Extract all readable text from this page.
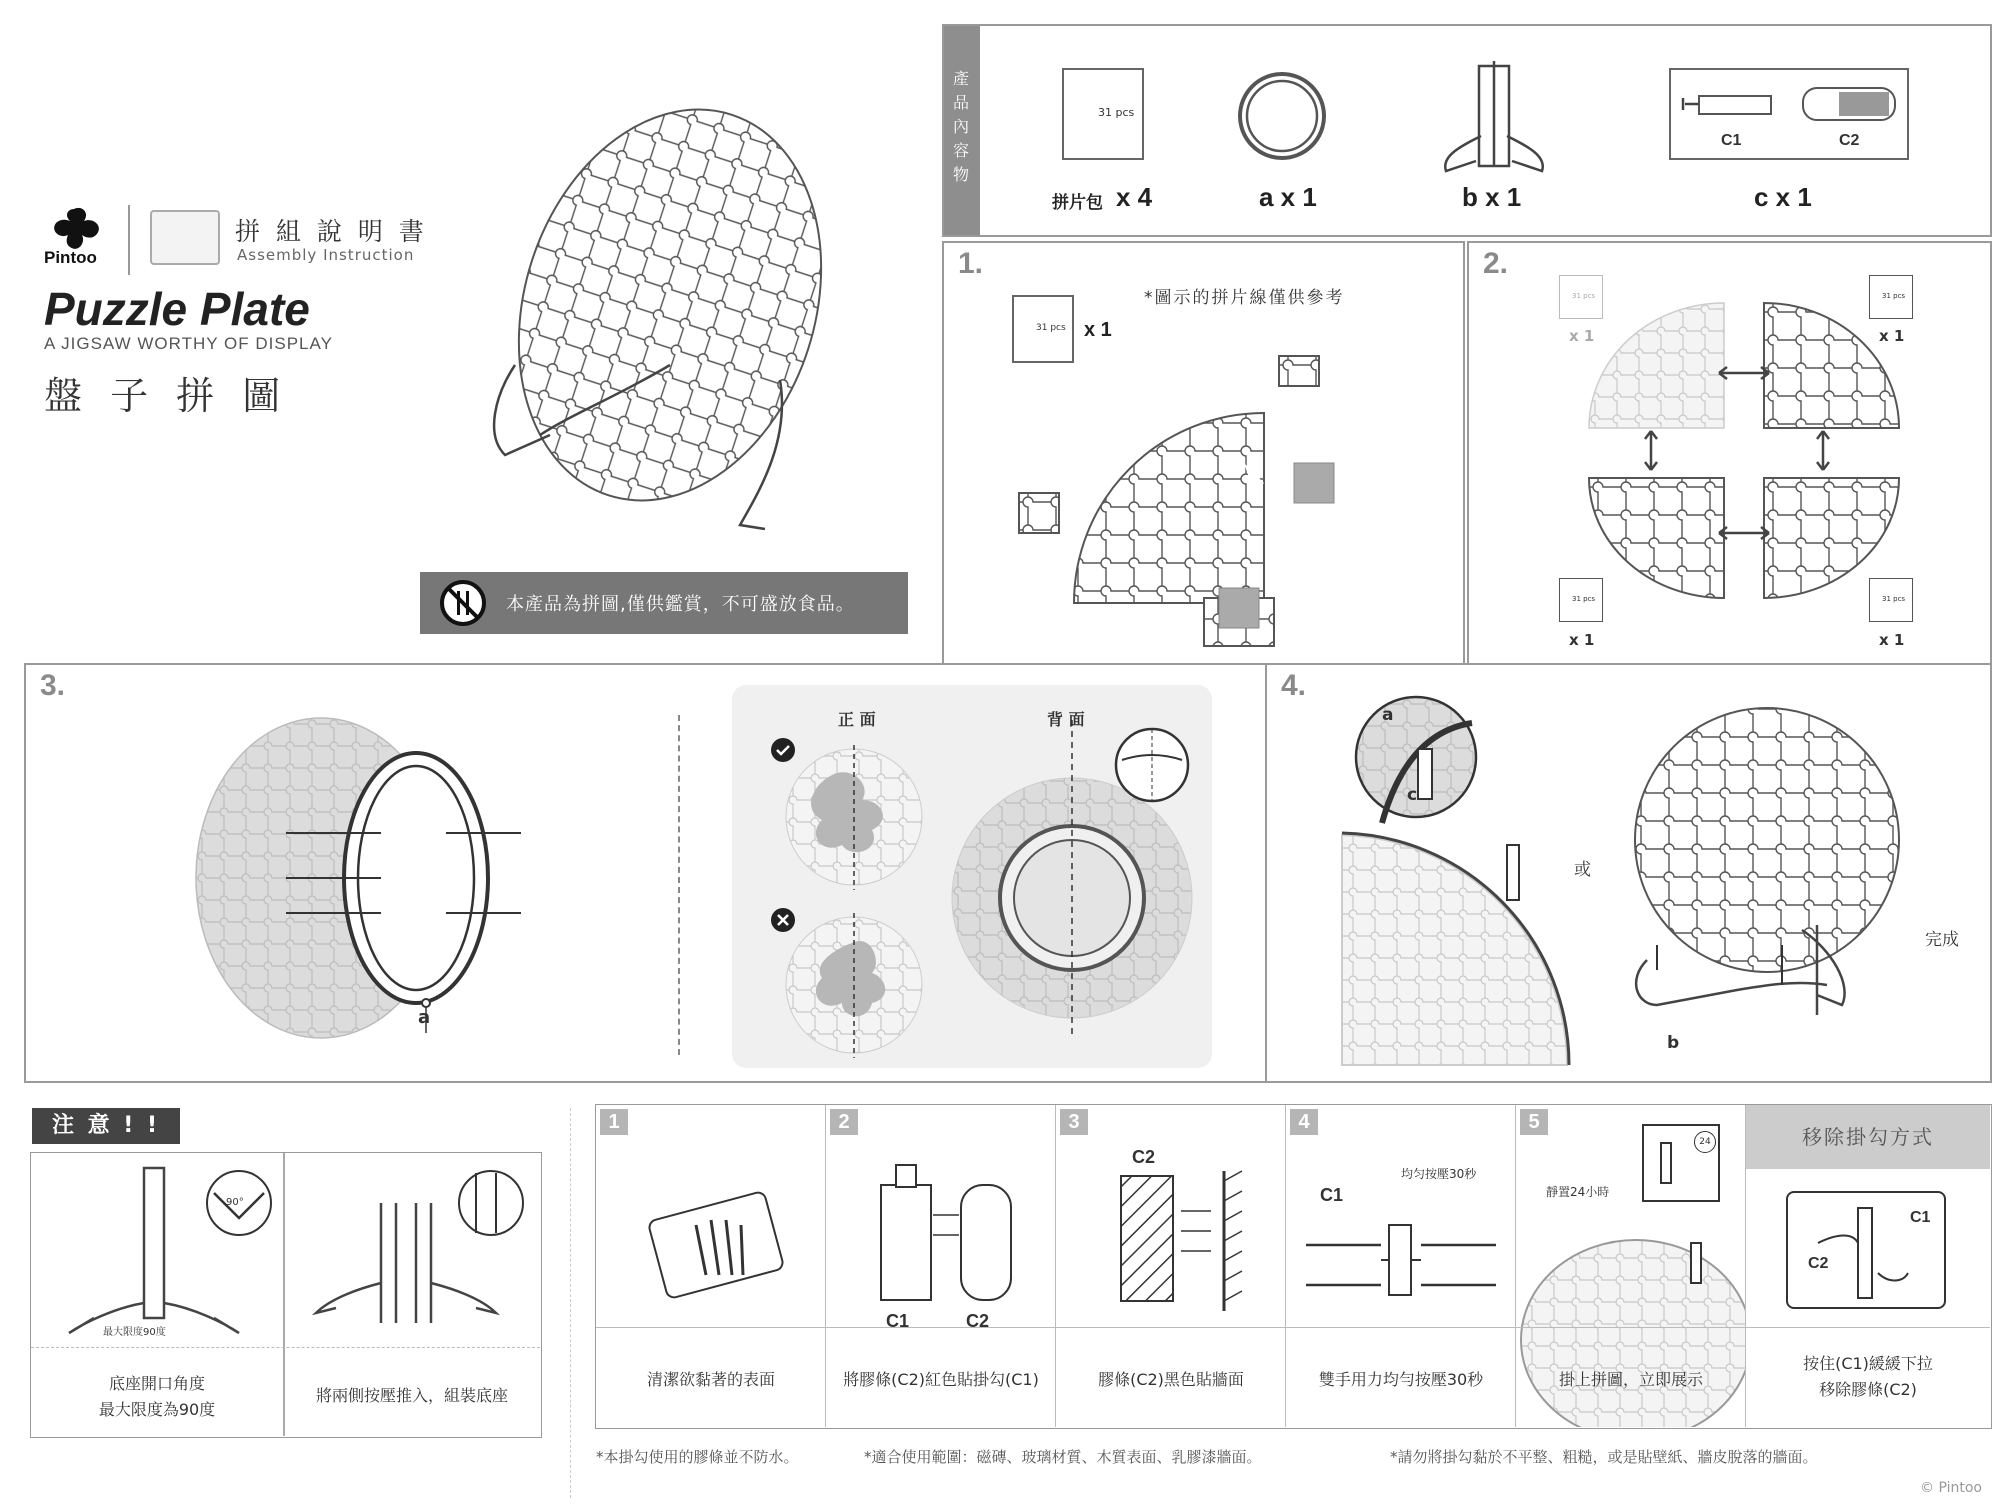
Pintoo
拼 組 說 明 書
Assembly Instruction
Puzzle Plate
A JIGSAW WORTHY OF DISPLAY
盤 子 拼 圖
本產品為拼圖,僅供鑑賞，不可盛放食品。
產
品
內
容
物
31 pcs
拼片包 x 4	a x 1	b x 1
C1	C2
c x 1
1.
*圖示的拼片線僅供參考
31 pcs x 1
2.
31 pcs
x 1
31 pcs
x 1
31 pcs
x 1
31 pcs
x 1
3.
a
正 面	背 面
4.
a
c
或
完成
b
注 意 ! !
90°
最大限度90度
底座開口角度
最大限度為90度
將兩側按壓推入，組裝底座
1
清潔欲黏著的表面
2
C1	C2
將膠條(C2)紅色貼掛勾(C1)
3
C2
膠條(C2)黑色貼牆面
4
均匀按壓30秒
C1
雙手用力均勻按壓30秒
5
靜置24小時
24
掛上拼圖，立即展示
移除掛勾方式
C1
C2
按住(C1)緩緩下拉
移除膠條(C2)
*本掛勾使用的膠條並不防水。	*適合使用範圍：磁磚、玻璃材質、木質表面、乳膠漆牆面。	*請勿將掛勾黏於不平整、粗糙，或是貼壁紙、牆皮脫落的牆面。
© Pintoo
